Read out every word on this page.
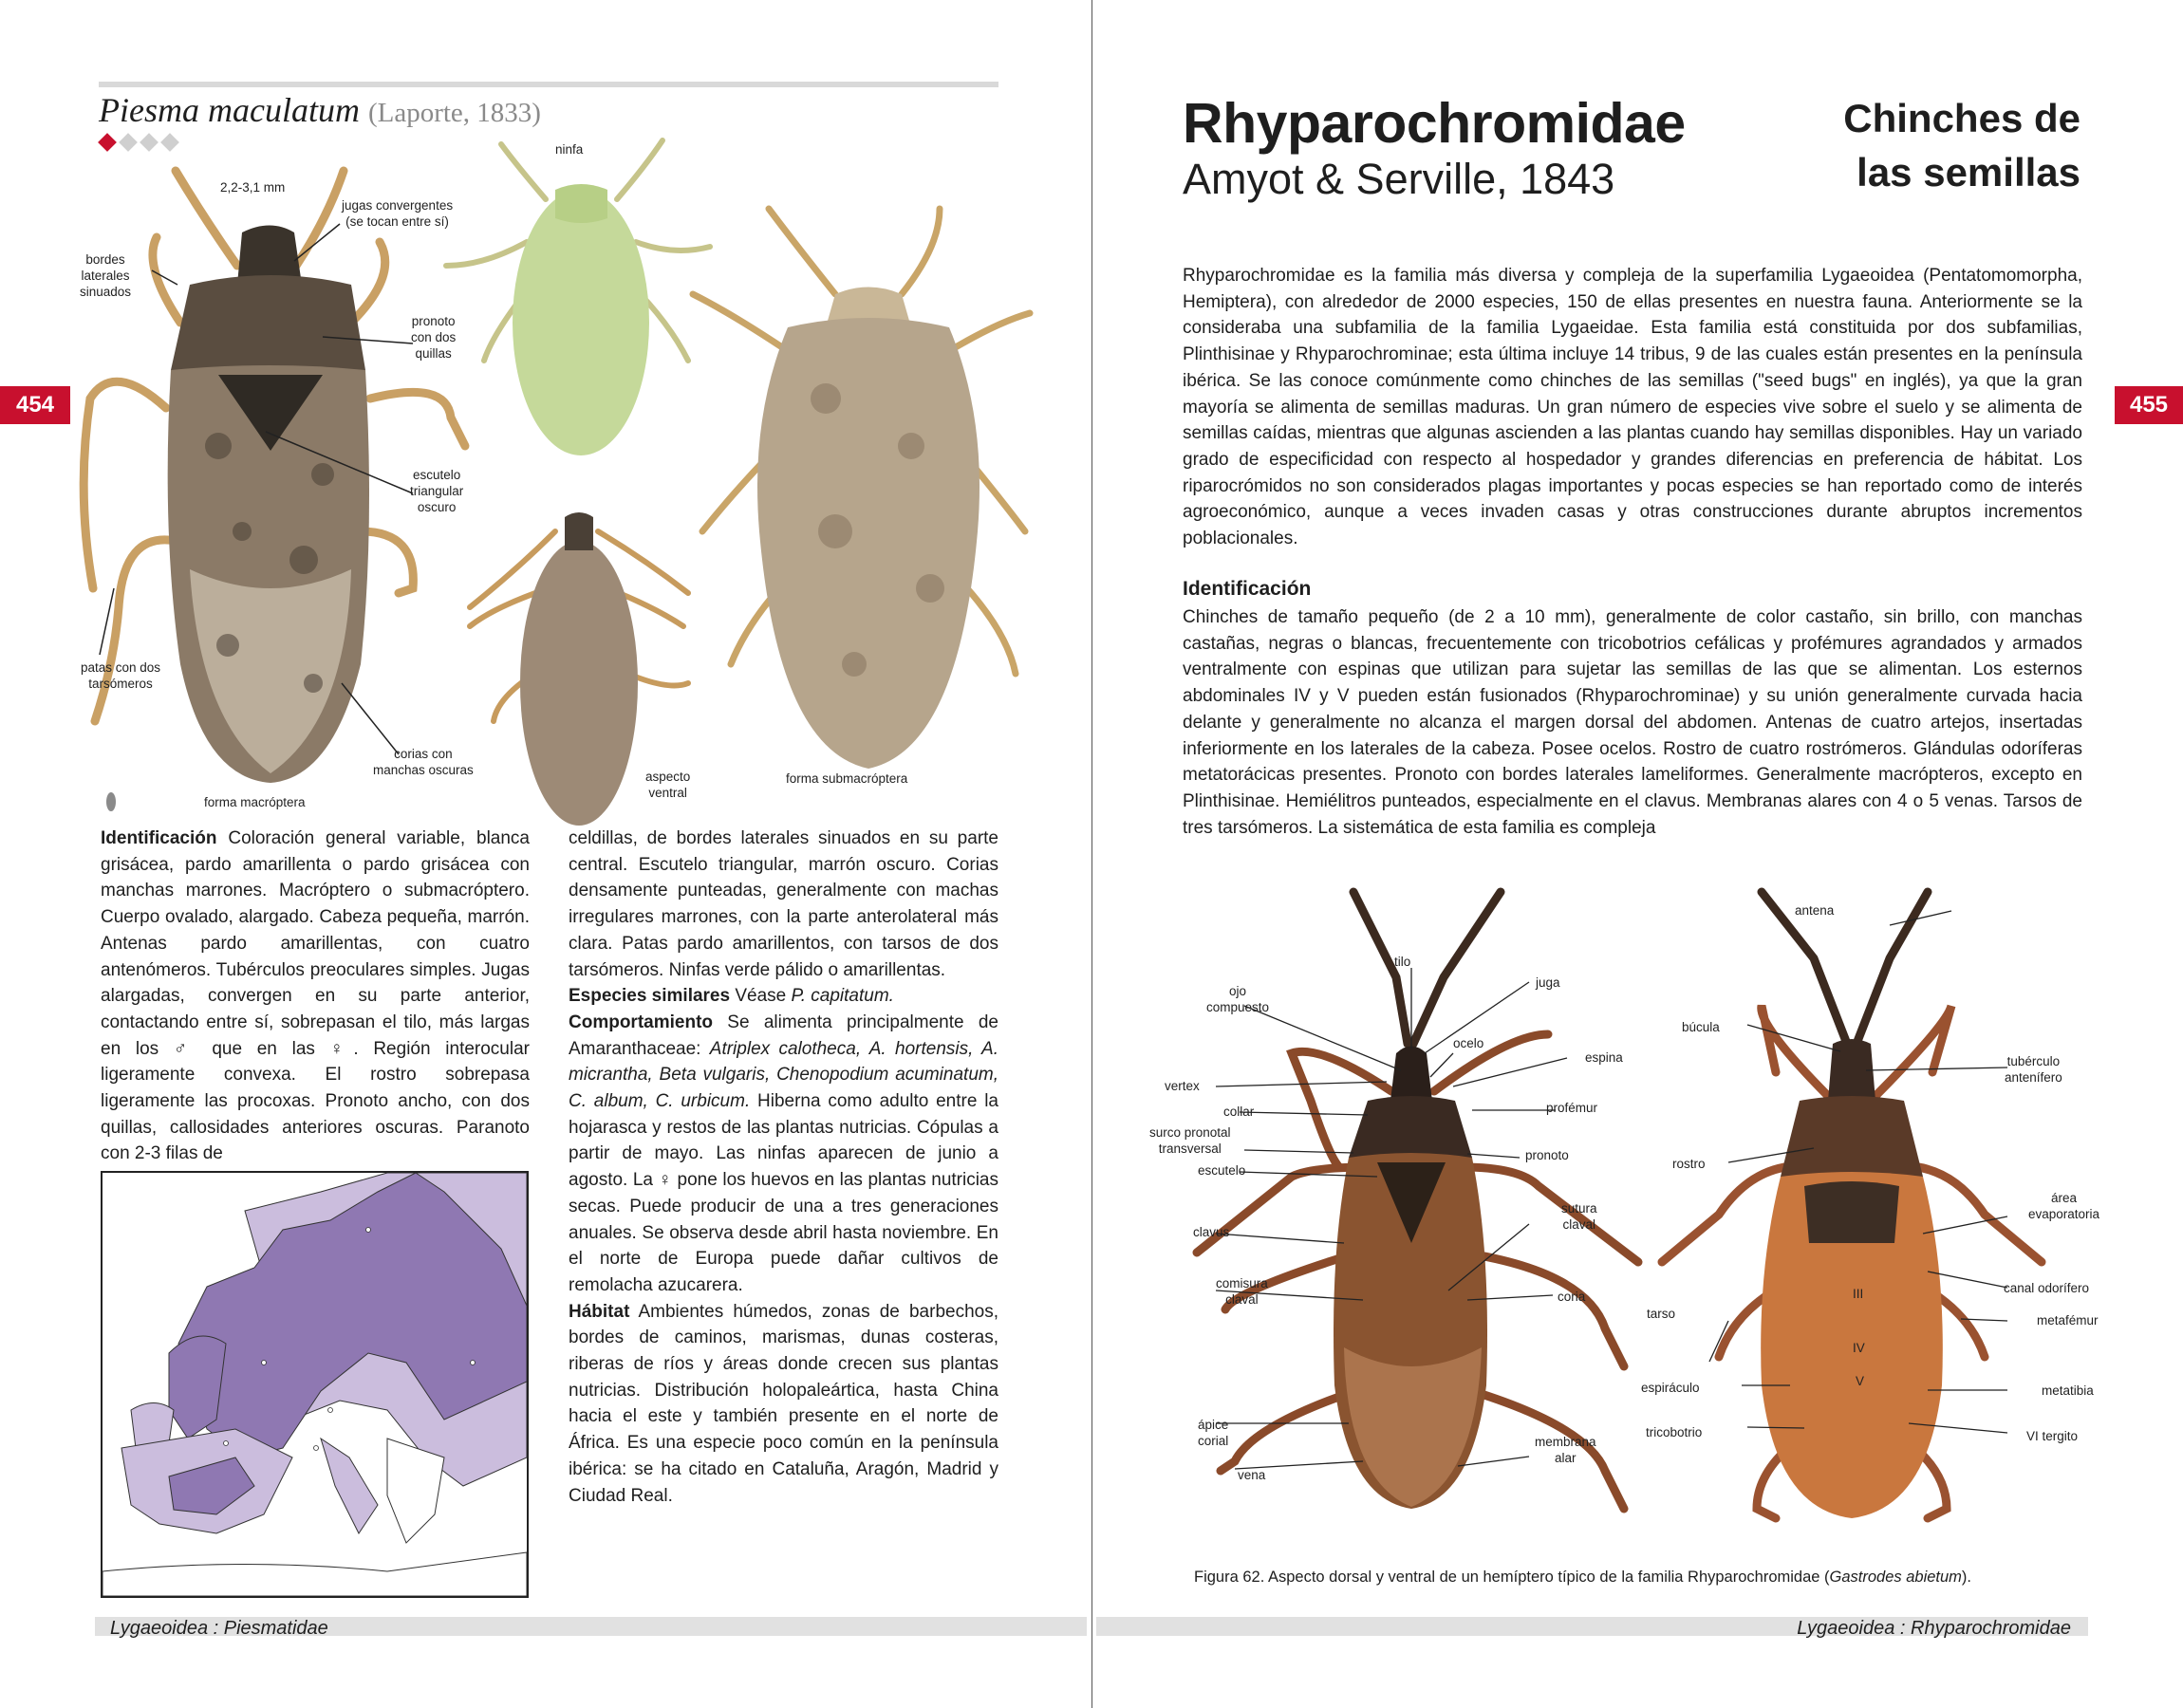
Piesma maculatum (Laporte, 1833)
454
2,2-3,1 mm
jugas convergentes
(se tocan entre sí)
bordes
laterales
sinuados
pronoto
con dos
quillas
escutelo
triangular
oscuro
patas con dos
tarsómeros
corias con
manchas oscuras
forma macróptera
ninfa
aspecto
ventral
forma submacróptera
Identificación Coloración general variable, blanca grisácea, pardo amarillenta o pardo grisácea con manchas marrones. Macróptero o submacróptero. Cuerpo ovalado, alargado. Cabeza pequeña, marrón. Antenas pardo amarillentas, con cuatro antenómeros. Tubérculos preoculares simples. Jugas alargadas, convergen en su parte anterior, contactando entre sí, sobrepasan el tilo, más largas en los ♂ que en las ♀. Región interocular ligeramente convexa. El rostro sobrepasa ligeramente las procoxas. Pronoto ancho, con dos quillas, callosidades anteriores oscuras. Paranoto con 2-3 filas de
celdillas, de bordes laterales sinuados en su parte central. Escutelo triangular, marrón oscuro. Corias densamente punteadas, generalmente con machas irregulares marrones, con la parte anterolateral más clara. Patas pardo amarillentos, con tarsos de dos tarsómeros. Ninfas verde pálido o amarillentas.
Especies similares Véase P. capitatum.
Comportamiento Se alimenta principalmente de Amaranthaceae: Atriplex calotheca, A. hortensis, A. micrantha, Beta vulgaris, Chenopodium acuminatum, C. album, C. urbicum. Hiberna como adulto entre la hojarasca y restos de las plantas nutricias. Cópulas a partir de mayo. Las ninfas aparecen de junio a agosto. La ♀ pone los huevos en las plantas nutricias secas. Puede producir de una a tres generaciones anuales. Se observa desde abril hasta noviembre. En el norte de Europa puede dañar cultivos de remolacha azucarera.
Hábitat Ambientes húmedos, zonas de barbechos, bordes de caminos, marismas, dunas costeras, riberas de ríos y áreas donde crecen sus plantas nutricias. Distribución holopaleártica, hasta China hacia el este y también presente en el norte de África. Es una especie poco común en la península ibérica: se ha citado en Cataluña, Aragón, Madrid y Ciudad Real.
Lygaeoidea : Piesmatidae
Rhyparochromidae
Amyot & Serville, 1843
Chinches de
las semillas
455
Rhyparochromidae es la familia más diversa y compleja de la superfamilia Lygaeoidea (Pentatomomorpha, Hemiptera), con alrededor de 2000 especies, 150 de ellas presentes en nuestra fauna. Anteriormente se la consideraba una subfamilia de la familia Lygaeidae. Esta familia está constituida por dos subfamilias, Plinthisinae y Rhyparochrominae; esta última incluye 14 tribus, 9 de las cuales están presentes en la península ibérica. Se las conoce comúnmente como chinches de las semillas ("seed bugs" en inglés), ya que la gran mayoría se alimenta de semillas maduras. Un gran número de especies vive sobre el suelo y se alimenta de semillas caídas, mientras que algunas ascienden a las plantas cuando hay semillas disponibles. Hay un variado grado de especificidad con respecto al hospedador y grandes diferencias en preferencia de hábitat. Los riparocrómidos no son considerados plagas importantes y pocas especies se han reportado como de interés agroeconómico, aunque a veces invaden casas y otras construcciones durante abruptos incrementos poblacionales.
Identificación
Chinches de tamaño pequeño (de 2 a 10 mm), generalmente de color castaño, sin brillo, con manchas castañas, negras o blancas, frecuentemente con tricobotrios cefálicas y profémures agrandados y armados ventralmente con espinas que utilizan para sujetar las semillas de las que se alimentan. Los esternos abdominales IV y V pueden están fusionados (Rhyparochrominae) y su unión generalmente curvada hacia delante y generalmente no alcanza el margen dorsal del abdomen. Antenas de cuatro artejos, insertadas inferiormente en los laterales de la cabeza. Posee ocelos. Rostro de cuatro rostrómeros. Glándulas odoríferas metatorácicas presentes. Pronoto con bordes laterales lameliformes. Generalmente macrópteros, excepto en Plinthisinae. Hemiélitros punteados, especialmente en el clavus. Membranas alares con 4 o 5 venas. Tarsos de tres tarsómeros. La sistemática de esta familia es compleja
tilo
ojo
compuesto
juga
ocelo
vertex
espina
collar	profémur
surco pronotal
transversal	pronoto
escutelo
sutura
claval
clavus
comisura
claval	coria
ápice
corial	membrana
alar
vena
antena
búcula
tubérculo
anteníferо
rostro
área
evaporatoria
canal odorífero
tarso	metafémur
III
IV
V
espiráculo	metatibia
tricobotrio	VI tergito
Figura 62. Aspecto dorsal y ventral de un hemíptero típico de la familia Rhyparochromidae (Gastrodes abietum).
Lygaeoidea : Rhyparochromidae
